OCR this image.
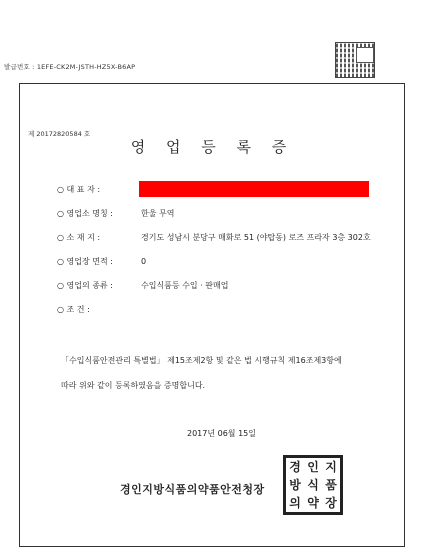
발급번호 : 1EFE-CK2M-JSTH-HZ5X-B6AP
제 20172820584 호
영 업 등 록 증
○ 대 표 자 :
○ 영업소 명칭 :	한울 무역
○ 소 재 지 :	경기도 성남시 분당구 매화로 51 (야탑동) 로즈 프라자 3층 302호
○ 영업장 면적 :	0
○ 영업의 종류 :	수입식품등 수입 · 판매업
○ 조 건 :
「수입식품안전관리 특별법」 제15조제2항 및 같은 법 시행규칙 제16조제3항에
따라 위와 같이 등록하였음을 증명합니다.
2017년 06월 15일
경인지방식품의약품안전청장
경 인 지
방 식 품
의 약 장
